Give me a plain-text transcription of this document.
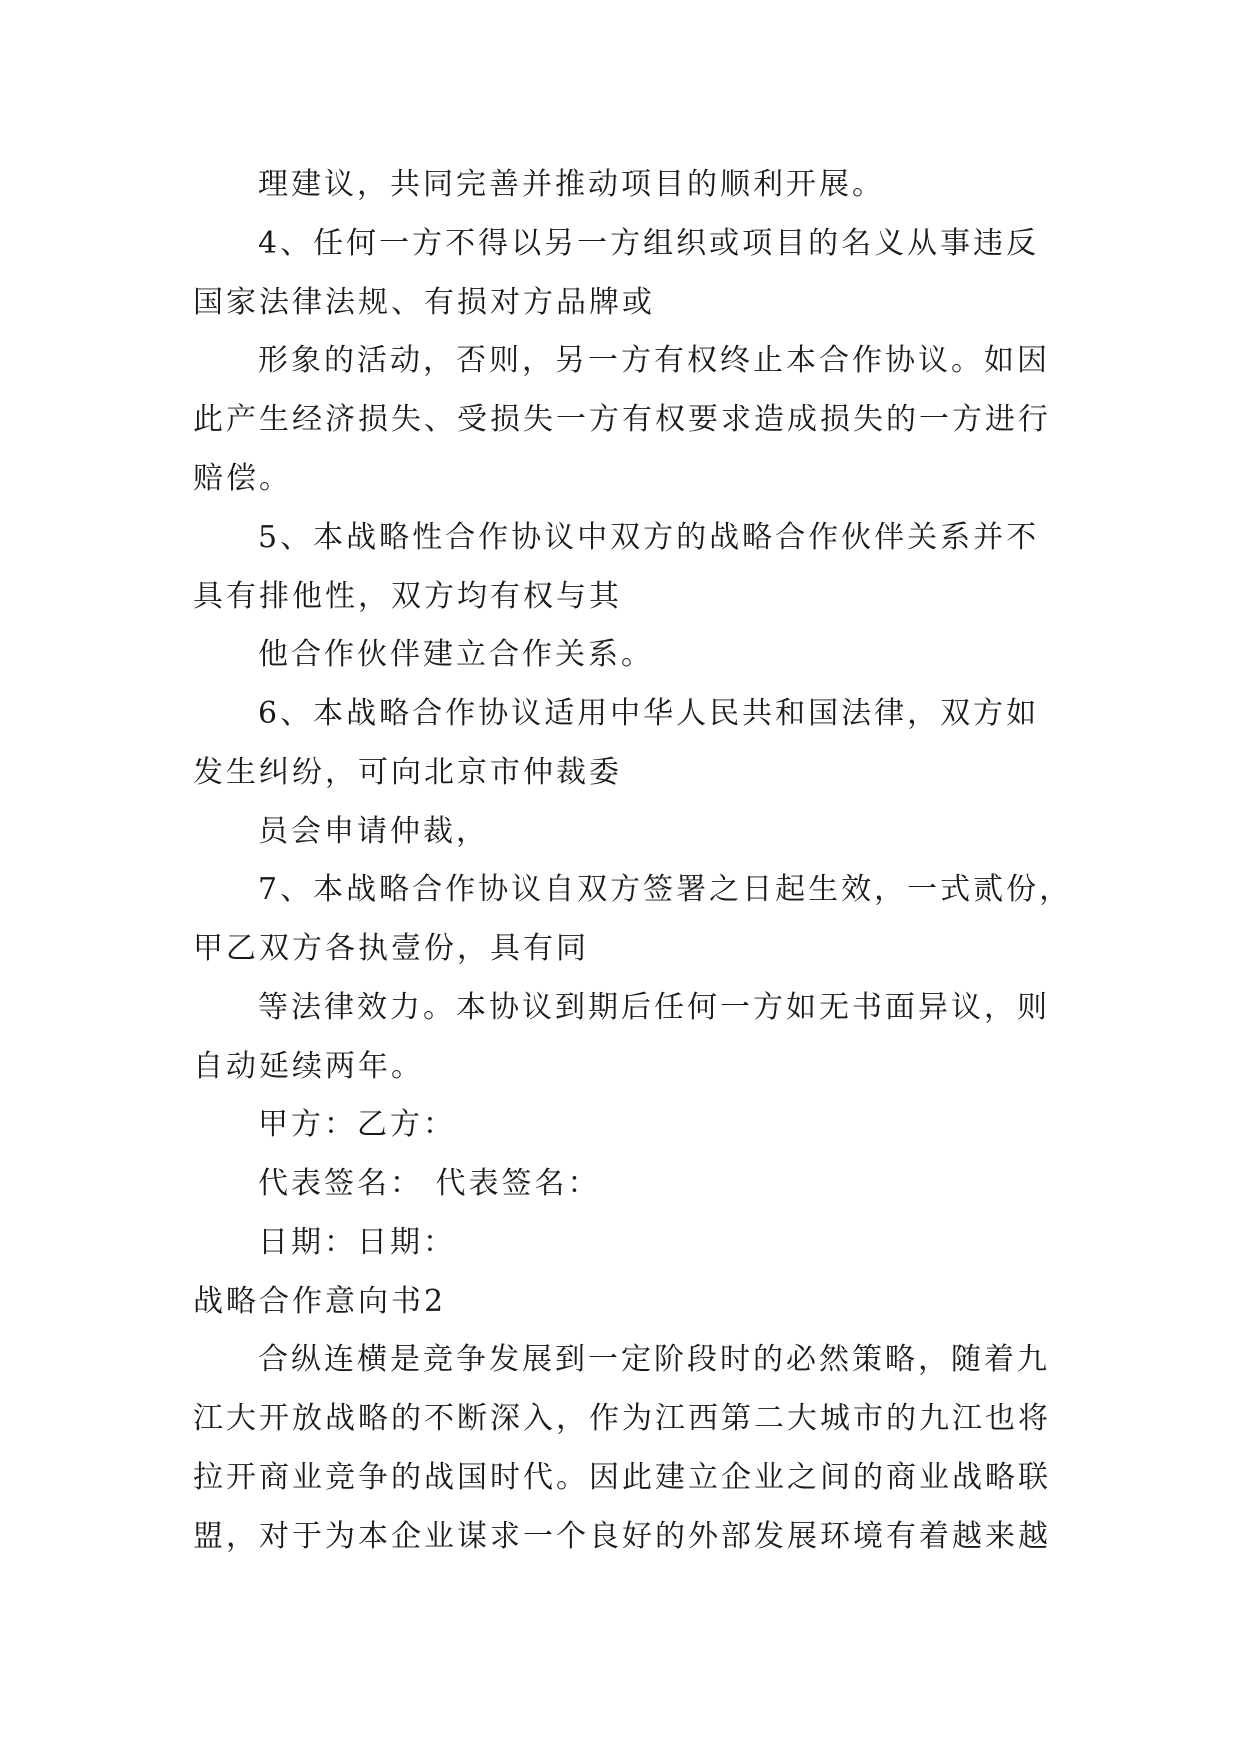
理建议，共同完善并推动项目的顺利开展。
4、任何一方不得以另一方组织或项目的名义从事违反
国家法律法规、有损对方品牌或
形象的活动，否则，另一方有权终止本合作协议。如因
此产生经济损失、受损失一方有权要求造成损失的一方进行
赔偿。
5、本战略性合作协议中双方的战略合作伙伴关系并不
具有排他性，双方均有权与其
他合作伙伴建立合作关系。
6、本战略合作协议适用中华人民共和国法律，双方如
发生纠纷，可向北京市仲裁委
员会申请仲裁，
7、本战略合作协议自双方签署之日起生效，一式贰份，
甲乙双方各执壹份，具有同
等法律效力。本协议到期后任何一方如无书面异议，则
自动延续两年。
甲方：乙方：
代表签名： 代表签名：
日期：日期：
战略合作意向书2
合纵连横是竞争发展到一定阶段时的必然策略，随着九
江大开放战略的不断深入，作为江西第二大城市的九江也将
拉开商业竞争的战国时代。因此建立企业之间的商业战略联
盟，对于为本企业谋求一个良好的外部发展环境有着越来越
